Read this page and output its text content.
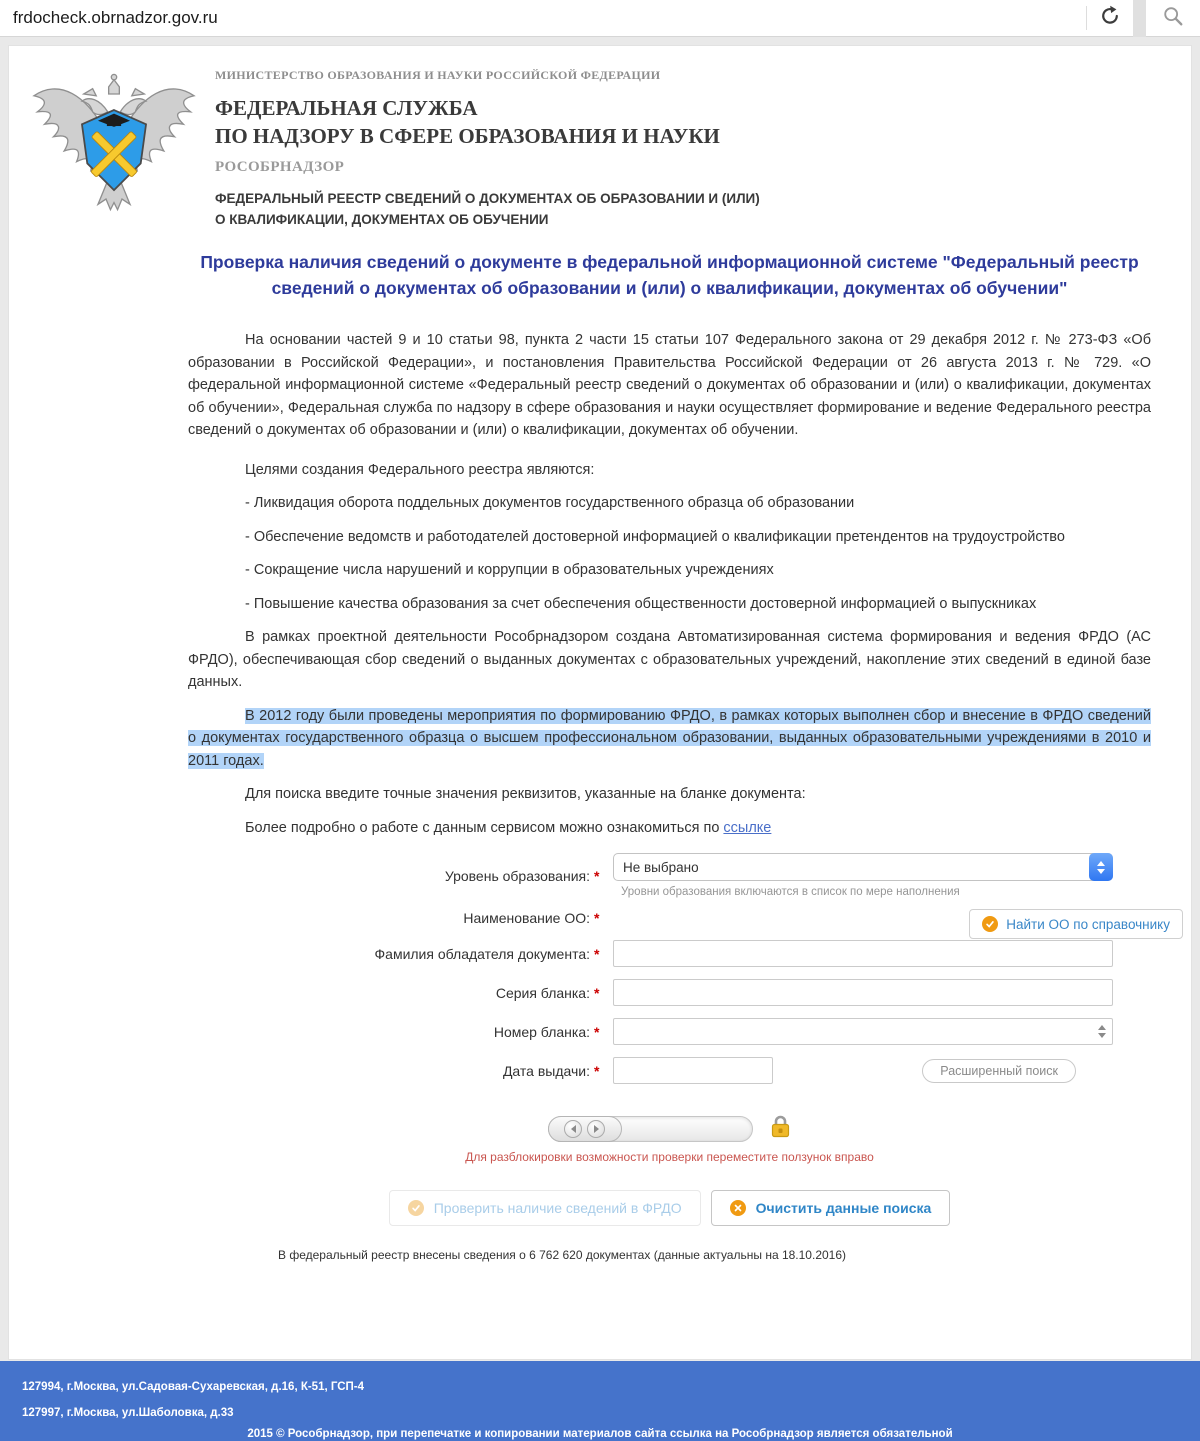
frdocheck.obrnadzor.gov.ru
МИНИСТЕРСТВО ОБРАЗОВАНИЯ И НАУКИ РОССИЙСКОЙ ФЕДЕРАЦИИ
ФЕДЕРАЛЬНАЯ СЛУЖБА
ПО НАДЗОРУ В СФЕРЕ ОБРАЗОВАНИЯ И НАУКИ
РОСОБРНАДЗОР
ФЕДЕРАЛЬНЫЙ РЕЕСТР СВЕДЕНИЙ О ДОКУМЕНТАХ ОБ ОБРАЗОВАНИИ И (ИЛИ)
О КВАЛИФИКАЦИИ, ДОКУМЕНТАХ ОБ ОБУЧЕНИИ
Проверка наличия сведений о документе в федеральной информационной системе "Федеральный реестр сведений о документах об образовании и (или) о квалификации, документах об обучении"
На основании частей 9 и 10 статьи 98, пункта 2 части 15 статьи 107 Федерального закона от 29 декабря 2012 г. № 273-ФЗ «Об образовании в Российской Федерации», и постановления Правительства Российской Федерации от 26 августа 2013 г. № 729. «О федеральной информационной системе «Федеральный реестр сведений о документах об образовании и (или) о квалификации, документах об обучении», Федеральная служба по надзору в сфере образования и науки осуществляет формирование и ведение Федерального реестра сведений о документах об образовании и (или) о квалификации, документах об обучении.
Целями создания Федерального реестра являются:
- Ликвидация оборота поддельных документов государственного образца об образовании
- Обеспечение ведомств и работодателей достоверной информацией о квалификации претендентов на трудоустройство
- Сокращение числа нарушений и коррупции в образовательных учреждениях
- Повышение качества образования за счет обеспечения общественности достоверной информацией о выпускниках
В рамках проектной деятельности Рособрнадзором создана Автоматизированная система формирования и ведения ФРДО (АС ФРДО), обеспечивающая сбор сведений о выданных документах с образовательных учреждений, накопление этих сведений в единой базе данных.
В 2012 году были проведены мероприятия по формированию ФРДО, в рамках которых выполнен сбор и внесение в ФРДО сведений о документах государственного образца о высшем профессиональном образовании, выданных образовательными учреждениями в 2010 и 2011 годах.
Для поиска введите точные значения реквизитов, указанные на бланке документа:
Более подробно о работе с данным сервисом можно ознакомиться по ссылке
Уровень образования: *
Не выбрано
Уровни образования включаются в список по мере наполнения
Наименование ОО: *	Найти ОО по справочнику
Фамилия обладателя документа: *
Серия бланка: *
Номер бланка: *
Дата выдачи: *	Расширенный поиск
Для разблокировки возможности проверки переместите ползунок вправо
Проверить наличие сведений в ФРДО	Очистить данные поиска
В федеральный реестр внесены сведения о 6 762 620 документах (данные актуальны на 18.10.2016)
127994, г.Москва, ул.Садовая-Сухаревская, д.16, К-51, ГСП-4
127997, г.Москва, ул.Шаболовка, д.33
2015 © Рособрнадзор, при перепечатке и копировании материалов сайта ссылка на Рособрнадзор является обязательной
